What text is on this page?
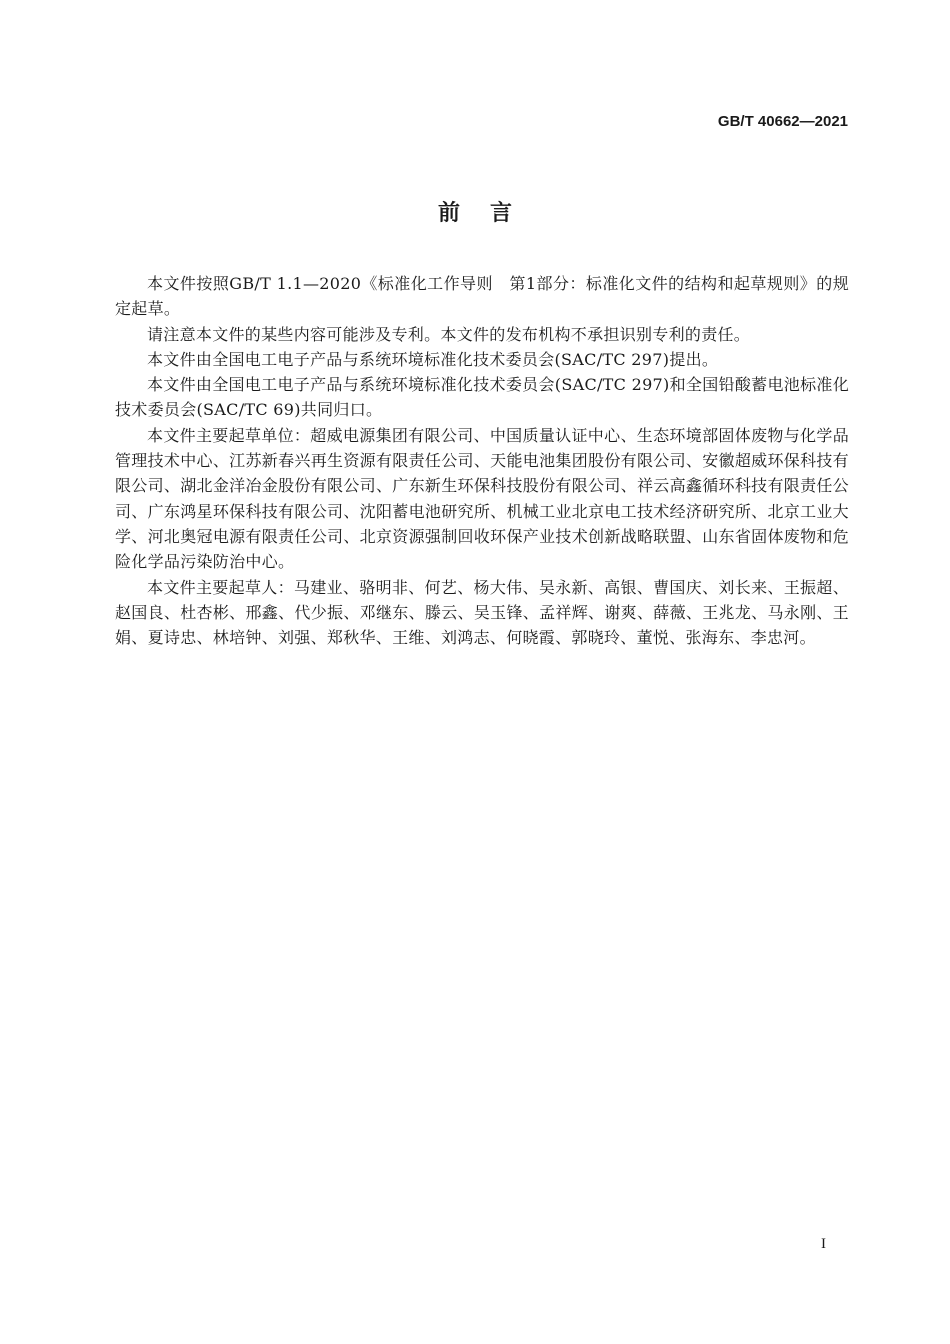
GB/T 40662—2021
前言

本文件按照GB/T 1.1—2020《标准化工作导则　第1部分：标准化文件的结构和起草规则》的规定起草。

请注意本文件的某些内容可能涉及专利。本文件的发布机构不承担识别专利的责任。

本文件由全国电工电子产品与系统环境标准化技术委员会(SAC/TC 297)提出。

本文件由全国电工电子产品与系统环境标准化技术委员会(SAC/TC 297)和全国铅酸蓄电池标准化技术委员会(SAC/TC 69)共同归口。

本文件主要起草单位：超威电源集团有限公司、中国质量认证中心、生态环境部固体废物与化学品管理技术中心、江苏新春兴再生资源有限责任公司、天能电池集团股份有限公司、安徽超威环保科技有限公司、湖北金洋冶金股份有限公司、广东新生环保科技股份有限公司、祥云高鑫循环科技有限责任公司、广东鸿星环保科技有限公司、沈阳蓄电池研究所、机械工业北京电工技术经济研究所、北京工业大学、河北奥冠电源有限责任公司、北京资源强制回收环保产业技术创新战略联盟、山东省固体废物和危险化学品污染防治中心。

本文件主要起草人：马建业、骆明非、何艺、杨大伟、吴永新、高银、曹国庆、刘长来、王振超、赵国良、杜杏彬、邢鑫、代少振、邓继东、滕云、吴玉锋、孟祥辉、谢爽、薛薇、王兆龙、马永刚、王娟、夏诗忠、林培钟、刘强、郑秋华、王维、刘鸿志、何晓霞、郭晓玲、董悦、张海东、李忠河。

I
